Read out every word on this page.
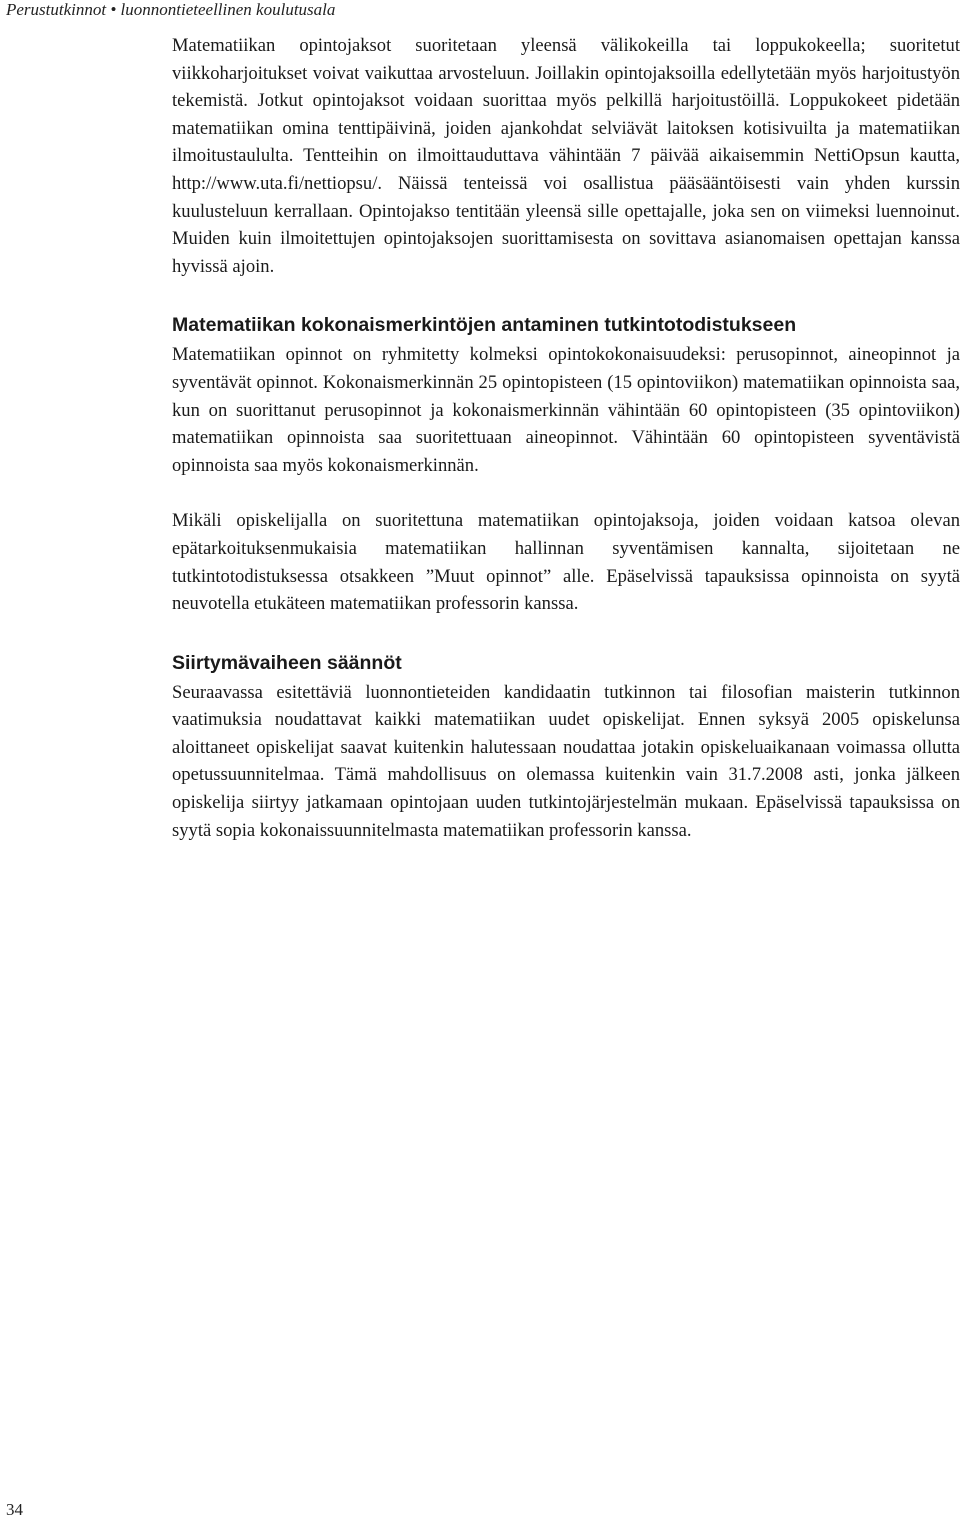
Perustutkinnot • luonnontieteellinen koulutusala

Matematiikan opintojaksot suoritetaan yleensä välikokeilla tai loppukokeella; suoritetut viikkoharjoitukset voivat vaikuttaa arvosteluun. Joillakin opintojaksoilla edellytetään myös harjoitustyön tekemistä. Jotkut opintojaksot voidaan suorittaa myös pelkillä harjoitustöillä. Loppukokeet pidetään matematiikan omina tenttipäivinä, joiden ajankohdat selviävät laitoksen kotisivuilta ja matematiikan ilmoitustaululta. Tentteihin on ilmoittauduttava vähintään 7 päivää aikaisemmin NettiOpsun kautta, http://www.uta.fi/nettiopsu/. Näissä tenteissä voi osallistua pääsääntöisesti vain yhden kurssin kuulusteluun kerrallaan. Opintojakso tentitään yleensä sille opettajalle, joka sen on viimeksi luennoinut. Muiden kuin ilmoitettujen opintojaksojen suorittamisesta on sovittava asianomaisen opettajan kanssa hyvissä ajoin.

Matematiikan kokonaismerkintöjen antaminen tutkintotodistukseen

Matematiikan opinnot on ryhmitetty kolmeksi opintokokonaisuudeksi: perusopinnot, aineopinnot ja syventävät opinnot. Kokonaismerkinnän 25 opintopisteen (15 opintoviikon) matematiikan opinnoista saa, kun on suorittanut perusopinnot ja kokonaismerkinnän vähintään 60 opintopisteen (35 opintoviikon) matematiikan opinnoista saa suoritettuaan aineopinnot. Vähintään 60 opintopisteen syventävistä opinnoista saa myös kokonaismerkinnän.

Mikäli opiskelijalla on suoritettuna matematiikan opintojaksoja, joiden voidaan katsoa olevan epätarkoituksenmukaisia matematiikan hallinnan syventämisen kannalta, sijoitetaan ne tutkintotodistuksessa otsakkeen ”Muut opinnot” alle. Epäselvissä tapauksissa opinnoista on syytä neuvotella etukäteen matematiikan professorin kanssa.

Siirtymävaiheen säännöt

Seuraavassa esitettäviä luonnontieteiden kandidaatin tutkinnon tai filosofian maisterin tutkinnon vaatimuksia noudattavat kaikki matematiikan uudet opiskelijat. Ennen syksyä 2005 opiskelunsa aloittaneet opiskelijat saavat kuitenkin halutessaan noudattaa jotakin opiskeluaikanaan voimassa ollutta opetussuunnitelmaa. Tämä mahdollisuus on olemassa kuitenkin vain 31.7.2008 asti, jonka jälkeen opiskelija siirtyy jatkamaan opintojaan uuden tutkintojärjestelmän mukaan. Epäselvissä tapauksissa on syytä sopia kokonaissuunnitelmasta matematiikan professorin kanssa.

34
